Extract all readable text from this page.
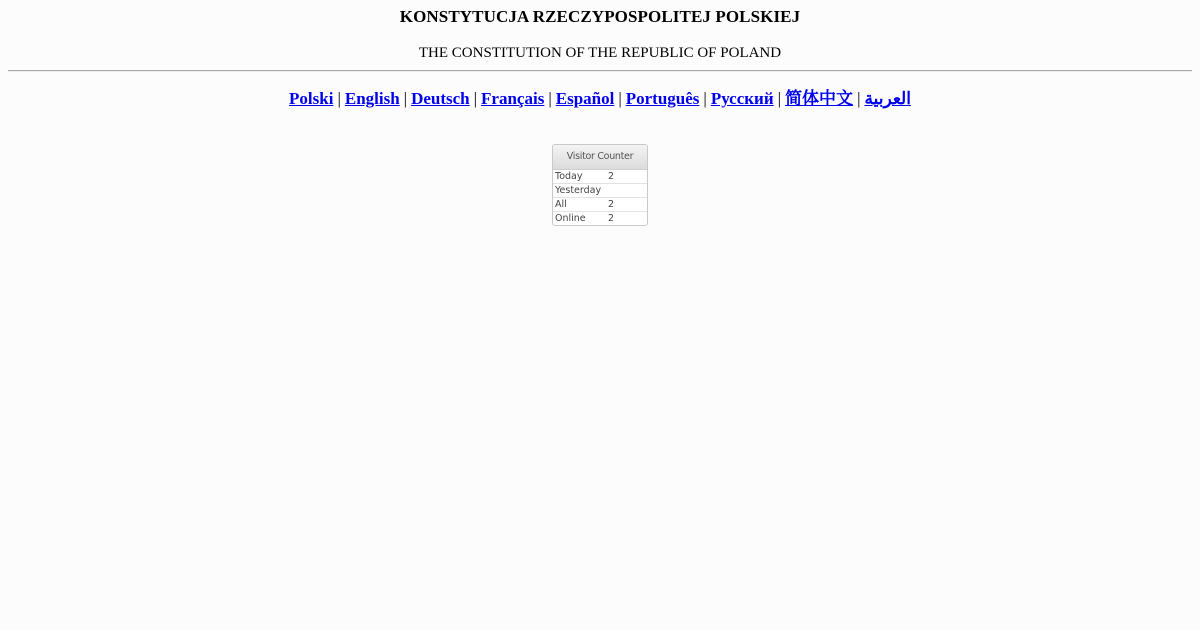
KONSTYTUCJA RZECZYPOSPOLITEJ POLSKIEJ

THE CONSTITUTION OF THE REPUBLIC OF POLAND

Polski | English | Deutsch | Français | Español | Português | Русский | 简体中文 | العربية
Visitor Counter
Today	2
Yesterday
All	2
Online	2
